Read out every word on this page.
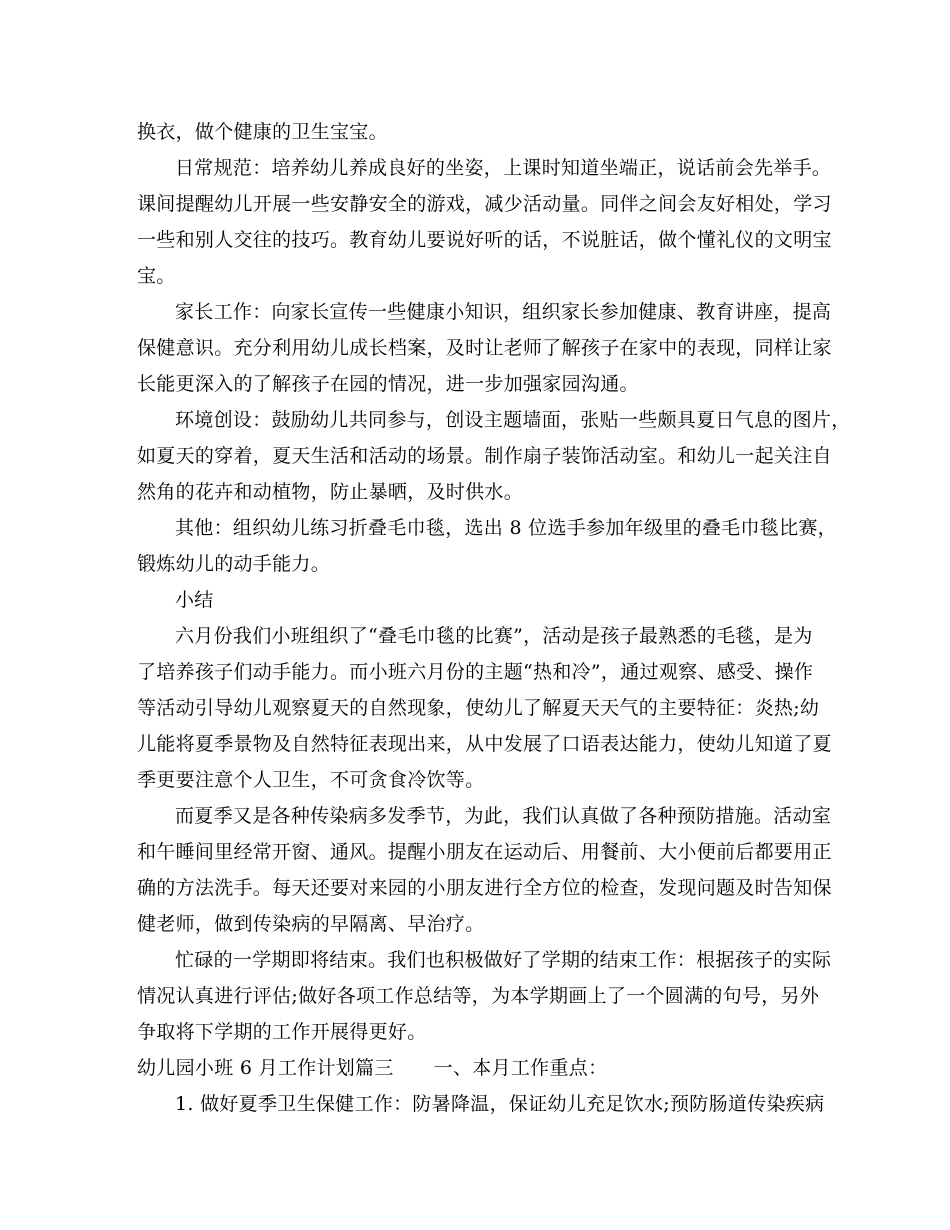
换衣，做个健康的卫生宝宝。
日常规范：培养幼儿养成良好的坐姿，上课时知道坐端正，说话前会先举手。
课间提醒幼儿开展一些安静安全的游戏，减少活动量。同伴之间会友好相处，学习
一些和别人交往的技巧。教育幼儿要说好听的话，不说脏话，做个懂礼仪的文明宝
宝。
家长工作：向家长宣传一些健康小知识，组织家长参加健康、教育讲座，提高
保健意识。充分利用幼儿成长档案，及时让老师了解孩子在家中的表现，同样让家
长能更深入的了解孩子在园的情况，进一步加强家园沟通。
环境创设：鼓励幼儿共同参与，创设主题墙面，张贴一些颇具夏日气息的图片，
如夏天的穿着，夏天生活和活动的场景。制作扇子装饰活动室。和幼儿一起关注自
然角的花卉和动植物，防止暴晒，及时供水。
其他：组织幼儿练习折叠毛巾毯，选出 8 位选手参加年级里的叠毛巾毯比赛，
锻炼幼儿的动手能力。
小结
六月份我们小班组织了“叠毛巾毯的比赛”，活动是孩子最熟悉的毛毯，是为
了培养孩子们动手能力。而小班六月份的主题“热和冷”，通过观察、感受、操作
等活动引导幼儿观察夏天的自然现象，使幼儿了解夏天天气的主要特征：炎热;幼
儿能将夏季景物及自然特征表现出来，从中发展了口语表达能力，使幼儿知道了夏
季更要注意个人卫生，不可贪食冷饮等。
而夏季又是各种传染病多发季节，为此，我们认真做了各种预防措施。活动室
和午睡间里经常开窗、通风。提醒小朋友在运动后、用餐前、大小便前后都要用正
确的方法洗手。每天还要对来园的小朋友进行全方位的检查，发现问题及时告知保
健老师，做到传染病的早隔离、早治疗。
忙碌的一学期即将结束。我们也积极做好了学期的结束工作：根据孩子的实际
情况认真进行评估;做好各项工作总结等，为本学期画上了一个圆满的句号，另外
争取将下学期的工作开展得更好。
幼儿园小班 6 月工作计划篇三 一、本月工作重点：
1. 做好夏季卫生保健工作：防暑降温，保证幼儿充足饮水;预防肠道传染疾病
